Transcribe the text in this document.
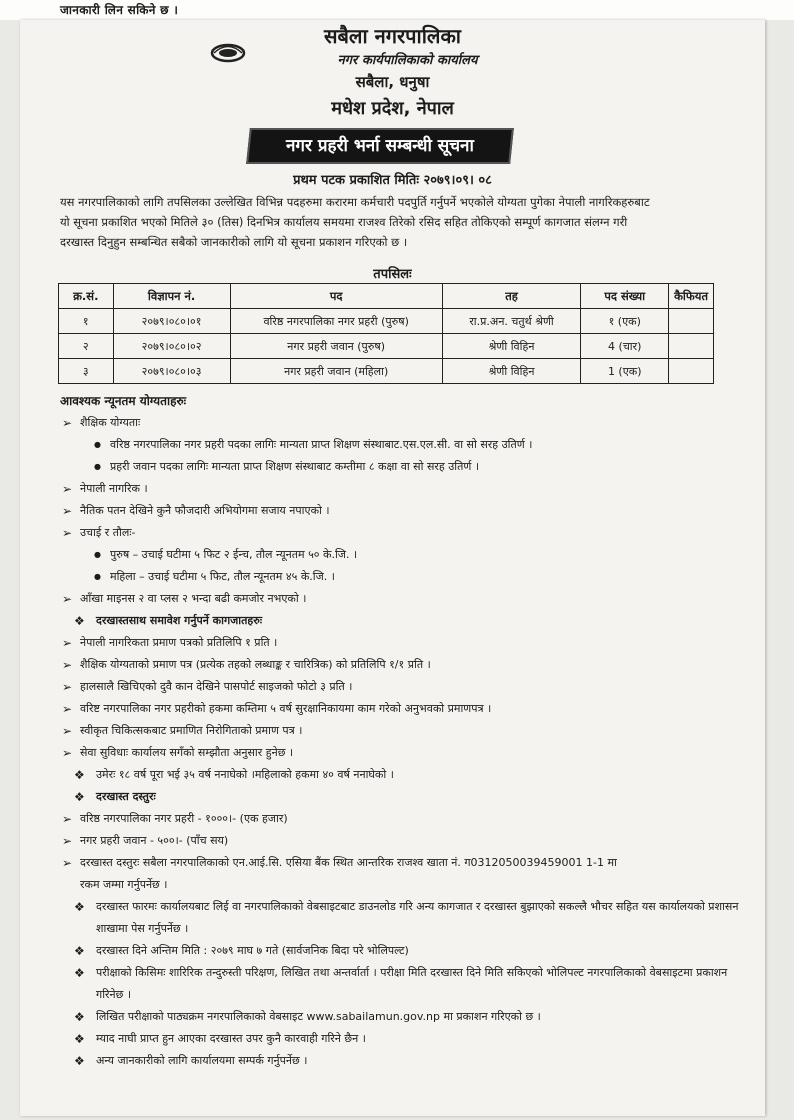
जानकारी लिन सकिने छ ।
सबैला नगरपालिका
नगर कार्यपालिकाको कार्यालय
सबैला, धनुषा
मधेश प्रदेश, नेपाल
नगर प्रहरी भर्ना सम्बन्धी सूचना
प्रथम पटक प्रकाशित मितिः २०७९।०९। ०८
यस नगरपालिकाको लागि तपसिलका उल्लेखित विभिन्न पदहरुमा करारमा कर्मचारी पदपुर्ति गर्नुपर्ने भएकोले योग्यता पुगेका नेपाली नागरिकहरुबाट
यो सूचना प्रकाशित भएको मितिले ३० (तिस) दिनभित्र कार्यालय समयमा राजश्व तिरेको रसिद सहित तोकिएको सम्पूर्ण कागजात संलग्न गरी
दरखास्त दिनुहुन सम्बन्धित सबैको जानकारीको लागि यो सूचना प्रकाशन गरिएको छ ।
तपसिलः
क्र.सं.	विज्ञापन नं.	पद	तह	पद संख्या	कैफियत
१	२०७९।०८०।०१	वरिष्ठ नगरपालिका नगर प्रहरी (पुरुष)	रा.प्र.अन. चतुर्थ श्रेणी	१ (एक)	
२	२०७९।०८०।०२	नगर प्रहरी जवान (पुरुष)	श्रेणी विहिन	4 (चार)	
३	२०७९।०८०।०३	नगर प्रहरी जवान (महिला)	श्रेणी विहिन	1 (एक)	
आवश्यक न्यूनतम योग्यताहरुः
➢ शैक्षिक योग्यताः
● वरिष्ठ नगरपालिका नगर प्रहरी पदका लागिः मान्यता प्राप्त शिक्षण संस्थाबाट.एस.एल.सी. वा सो सरह उतिर्ण ।
● प्रहरी जवान पदका लागिः मान्यता प्राप्त शिक्षण संस्थाबाट कम्तीमा ८ कक्षा वा सो सरह उतिर्ण ।
➢ नेपाली नागरिक ।
➢ नैतिक पतन देखिने कुनै फौजदारी अभियोगमा सजाय नपाएको ।
➢ उचाई र तौलः-
● पुरुष – उचाई घटीमा ५ फिट २ ईन्च, तौल न्यूनतम ५० के.जि. ।
● महिला – उचाई घटीमा ५ फिट, तौल न्यूनतम ४५ के.जि. ।
➢ आँखा माइनस २ वा प्लस २ भन्दा बढी कमजोर नभएको ।
❖ दरखास्तसाथ समावेश गर्नुपर्ने कागजातहरुः
➢ नेपाली नागरिकता प्रमाण पत्रको प्रतिलिपि १ प्रति ।
➢ शैक्षिक योग्यताको प्रमाण पत्र (प्रत्येक तहको लब्धाङ्क र चारित्रिक) को प्रतिलिपि १/१ प्रति ।
➢ हालसालै खिचिएको दुवै कान देखिने पासपोर्ट साइजको फोटो ३ प्रति ।
➢ वरिष्ट नगरपालिका नगर प्रहरीको हकमा कम्तिमा ५ वर्ष सुरक्षानिकायमा काम गरेको अनुभवको प्रमाणपत्र ।
➢ स्वीकृत चिकित्सकबाट प्रमाणित निरोगिताको प्रमाण पत्र ।
➢ सेवा सुविधाः कार्यालय सगँको सम्झौता अनुसार हुनेछ ।
❖ उमेरः १८ वर्ष पूरा भई ३५ वर्ष ननाघेको ।महिलाको हकमा ४० वर्ष ननाघेको ।
❖ दरखास्त दस्तुरः
➢ वरिष्ठ नगरपालिका नगर प्रहरी - १०००।- (एक हजार)
➢ नगर प्रहरी जवान - ५००।- (पाँच सय)
➢ दरखास्त दस्तुरः सबैला नगरपालिकाको एन.आई.सि. एसिया बैंक स्थित आन्तरिक राजश्व खाता नं. ग0312050039459001 1-1 मा
रकम जम्मा गर्नुपर्नेछ ।
❖ दरखास्त फारमः कार्यालयबाट लिई वा नगरपालिकाको वेबसाइटबाट डाउनलोड गरि अन्य कागजात र दरखास्त बुझाएको सकल्लै भौचर सहित यस कार्यालयको प्रशासन शाखामा पेस गर्नुपर्नेछ ।
❖ दरखास्त दिने अन्तिम मिति : २०७९ माघ ७ गते (सार्वजनिक बिदा परे भोलिपल्ट)
❖ परीक्षाको किसिमः शारिरिक तन्दुरुस्ती परिक्षण, लिखित तथा अन्तर्वार्ता । परीक्षा मिति दरखास्त दिने मिति सकिएको भोलिपल्ट नगरपालिकाको वेबसाइटमा प्रकाशन गरिनेछ ।
❖ लिखित परीक्षाको पाठ्यक्रम नगरपालिकाको वेबसाइट www.sabailamun.gov.np मा प्रकाशन गरिएको छ ।
❖ म्याद नाघी प्राप्त हुन आएका दरखास्त उपर कुनै कारवाही गरिने छैन ।
❖ अन्य जानकारीको लागि कार्यालयमा सम्पर्क गर्नुपर्नेछ ।
